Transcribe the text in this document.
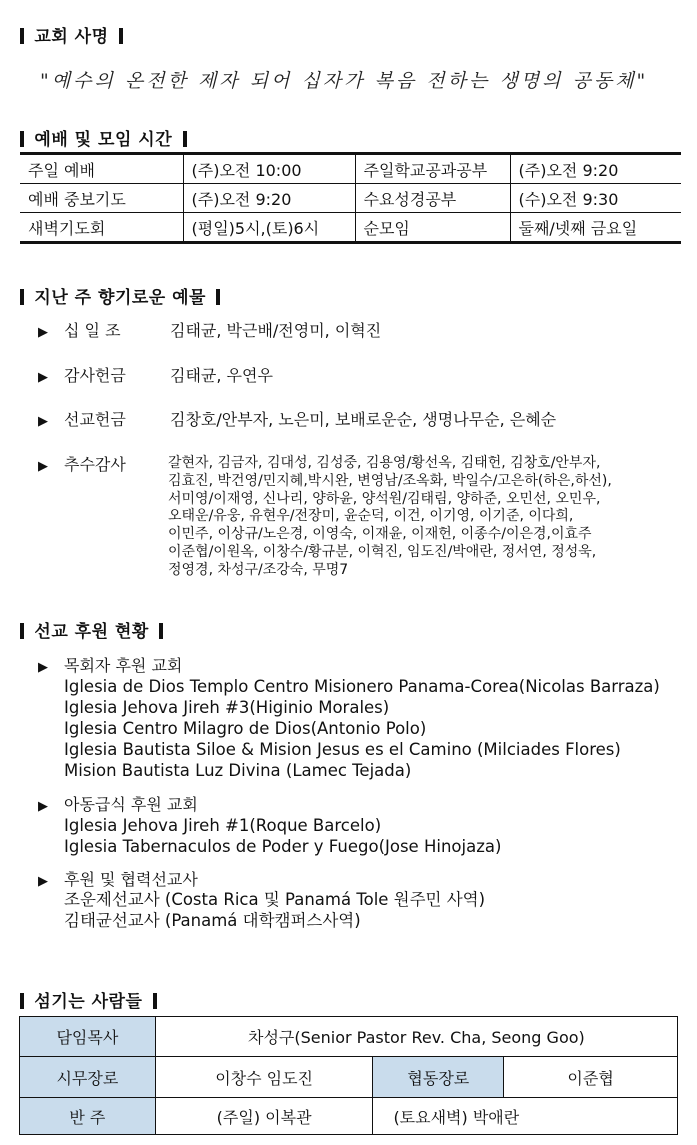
교회 사명
"예수의 온전한 제자 되어 십자가 복음 전하는 생명의 공동체"
예배 및 모임 시간
주일 예배	(주)오전 10:00	주일학교공과공부	(주)오전 9:20
예배 중보기도	(주)오전 9:20	수요성경공부	(수)오전 9:30
새벽기도회	(평일)5시,(토)6시	순모임	둘째/넷째 금요일
지난 주 향기로운 예물
▶ 십 일 조	김태균, 박근배/전영미, 이혁진
▶ 감사헌금	김태균, 우연우
▶ 선교헌금	김창호/안부자, 노은미, 보배로운순, 생명나무순, 은혜순
▶ 추수감사	갈현자, 김금자, 김대성, 김성중, 김용영/황선옥, 김태헌, 김창호/안부자,
김효진, 박건영/민지혜,박시완, 변영남/조옥화, 박일수/고은하(하은,하선),
서미영/이재영, 신나리, 양하윤, 양석원/김태림, 양하준, 오민선, 오민우,
오태운/유웅, 유현우/전장미, 윤순덕, 이건, 이기영, 이기준, 이다희,
이민주, 이상규/노은경, 이영숙, 이재윤, 이재헌, 이종수/이은경,이효주
이준협/이원옥, 이창수/황규분, 이혁진, 임도진/박애란, 정서연, 정성욱,
정영경, 차성구/조강숙, 무명7
선교 후원 현황
▶ 목회자 후원 교회
Iglesia de Dios Templo Centro Misionero Panama-Corea(Nicolas Barraza)
Iglesia Jehova Jireh #3(Higinio Morales)
Iglesia Centro Milagro de Dios(Antonio Polo)
Iglesia Bautista Siloe & Mision Jesus es el Camino (Milciades Flores)
Mision Bautista Luz Divina (Lamec Tejada)
▶ 아동급식 후원 교회
Iglesia Jehova Jireh #1(Roque Barcelo)
Iglesia Tabernaculos de Poder y Fuego(Jose Hinojaza)
▶ 후원 및 협력선교사
조운제선교사 (Costa Rica 및 Panamá Tole 원주민 사역)
김태균선교사 (Panamá 대학캠퍼스사역)
섬기는 사람들
담임목사	차성구(Senior Pastor Rev. Cha, Seong Goo)		
시무장로	이창수 임도진	협동장로	이준협
반 주	(주일) 이복관	(토요새벽) 박애란	
